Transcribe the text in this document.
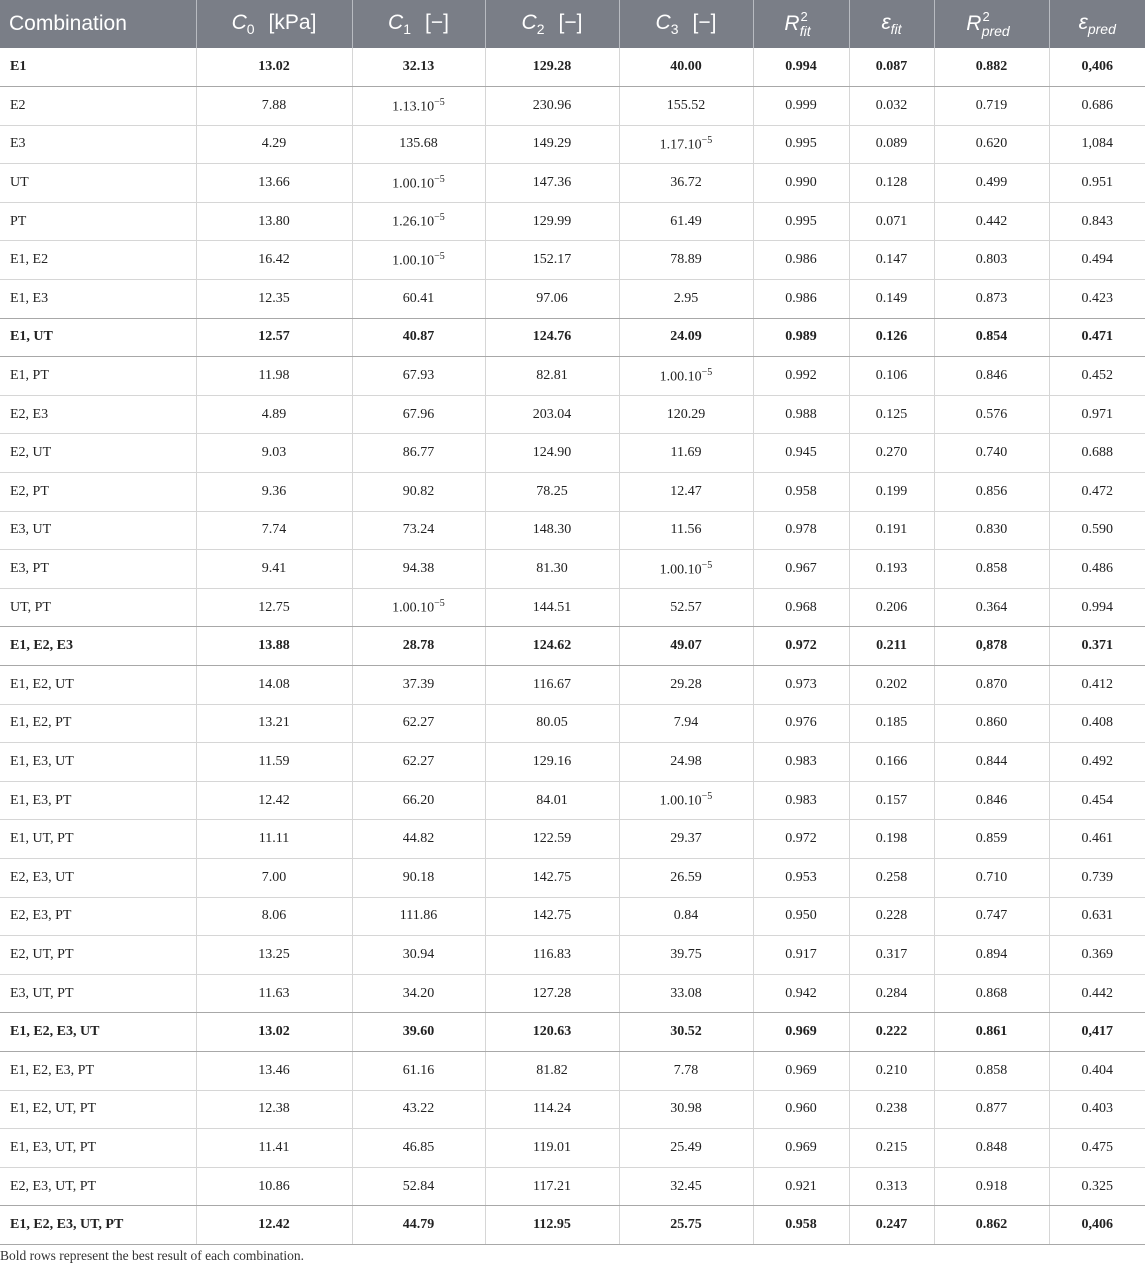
Combination	$C_0$ [kPa]	$C_1$ [−]	$C_2$ [−]	$C_3$ [−]	$R^2_{fit}$	$\varepsilon_{fit}$	$R^2_{pred}$	$\varepsilon_{pred}$
E1	13.02	32.13	129.28	40.00	0.994	0.087	0.882	0,406
E2	7.88	$1.13.10^{-5}$	230.96	155.52	0.999	0.032	0.719	0.686
E3	4.29	135.68	149.29	$1.17.10^{-5}$	0.995	0.089	0.620	1,084
UT	13.66	$1.00.10^{-5}$	147.36	36.72	0.990	0.128	0.499	0.951
PT	13.80	$1.26.10^{-5}$	129.99	61.49	0.995	0.071	0.442	0.843
E1, E2	16.42	$1.00.10^{-5}$	152.17	78.89	0.986	0.147	0.803	0.494
E1, E3	12.35	60.41	97.06	2.95	0.986	0.149	0.873	0.423
E1, UT	12.57	40.87	124.76	24.09	0.989	0.126	0.854	0.471
E1, PT	11.98	67.93	82.81	$1.00.10^{-5}$	0.992	0.106	0.846	0.452
E2, E3	4.89	67.96	203.04	120.29	0.988	0.125	0.576	0.971
E2, UT	9.03	86.77	124.90	11.69	0.945	0.270	0.740	0.688
E2, PT	9.36	90.82	78.25	12.47	0.958	0.199	0.856	0.472
E3, UT	7.74	73.24	148.30	11.56	0.978	0.191	0.830	0.590
E3, PT	9.41	94.38	81.30	$1.00.10^{-5}$	0.967	0.193	0.858	0.486
UT, PT	12.75	$1.00.10^{-5}$	144.51	52.57	0.968	0.206	0.364	0.994
E1, E2, E3	13.88	28.78	124.62	49.07	0.972	0.211	0,878	0.371
E1, E2, UT	14.08	37.39	116.67	29.28	0.973	0.202	0.870	0.412
E1, E2, PT	13.21	62.27	80.05	7.94	0.976	0.185	0.860	0.408
E1, E3, UT	11.59	62.27	129.16	24.98	0.983	0.166	0.844	0.492
E1, E3, PT	12.42	66.20	84.01	$1.00.10^{-5}$	0.983	0.157	0.846	0.454
E1, UT, PT	11.11	44.82	122.59	29.37	0.972	0.198	0.859	0.461
E2, E3, UT	7.00	90.18	142.75	26.59	0.953	0.258	0.710	0.739
E2, E3, PT	8.06	111.86	142.75	0.84	0.950	0.228	0.747	0.631
E2, UT, PT	13.25	30.94	116.83	39.75	0.917	0.317	0.894	0.369
E3, UT, PT	11.63	34.20	127.28	33.08	0.942	0.284	0.868	0.442
E1, E2, E3, UT	13.02	39.60	120.63	30.52	0.969	0.222	0.861	0,417
E1, E2, E3, PT	13.46	61.16	81.82	7.78	0.969	0.210	0.858	0.404
E1, E2, UT, PT	12.38	43.22	114.24	30.98	0.960	0.238	0.877	0.403
E1, E3, UT, PT	11.41	46.85	119.01	25.49	0.969	0.215	0.848	0.475
E2, E3, UT, PT	10.86	52.84	117.21	32.45	0.921	0.313	0.918	0.325
E1, E2, E3, UT, PT	12.42	44.79	112.95	25.75	0.958	0.247	0.862	0,406
Bold rows represent the best result of each combination.
